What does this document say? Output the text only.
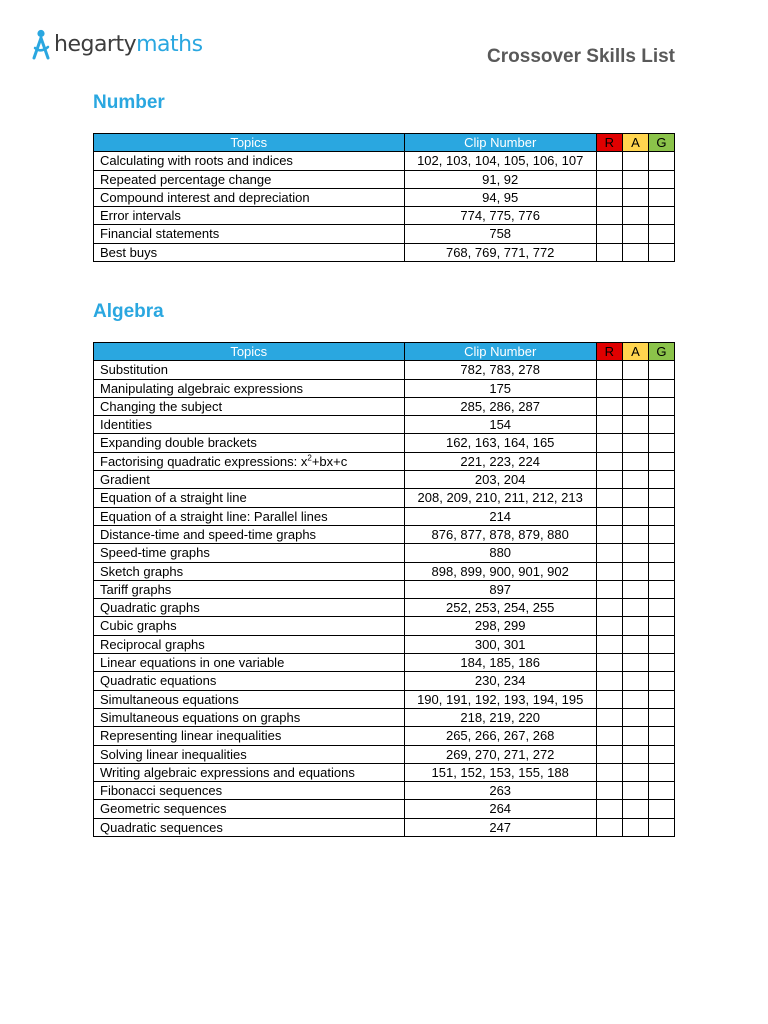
hegartymaths	Crossover Skills List
Number
Topics	Clip Number	R	A	G
Calculating with roots and indices	102, 103, 104, 105, 106, 107			
Repeated percentage change	91, 92			
Compound interest and depreciation	94, 95			
Error intervals	774, 775, 776			
Financial statements	758			
Best buys	768, 769, 771, 772			
Algebra
Topics	Clip Number	R	A	G
Substitution	782, 783, 278			
Manipulating algebraic expressions	175			
Changing the subject	285, 286, 287			
Identities	154			
Expanding double brackets	162, 163, 164, 165			
Factorising quadratic expressions: $x^2+bx+c$	221, 223, 224			
Gradient	203, 204			
Equation of a straight line	208, 209, 210, 211, 212, 213			
Equation of a straight line: Parallel lines	214			
Distance-time and speed-time graphs	876, 877, 878, 879, 880			
Speed-time graphs	880			
Sketch graphs	898, 899, 900, 901, 902			
Tariff graphs	897			
Quadratic graphs	252, 253, 254, 255			
Cubic graphs	298, 299			
Reciprocal graphs	300, 301			
Linear equations in one variable	184, 185, 186			
Quadratic equations	230, 234			
Simultaneous equations	190, 191, 192, 193, 194, 195			
Simultaneous equations on graphs	218, 219, 220			
Representing linear inequalities	265, 266, 267, 268			
Solving linear inequalities	269, 270, 271, 272			
Writing algebraic expressions and equations	151, 152, 153, 155, 188			
Fibonacci sequences	263			
Geometric sequences	264			
Quadratic sequences	247			
